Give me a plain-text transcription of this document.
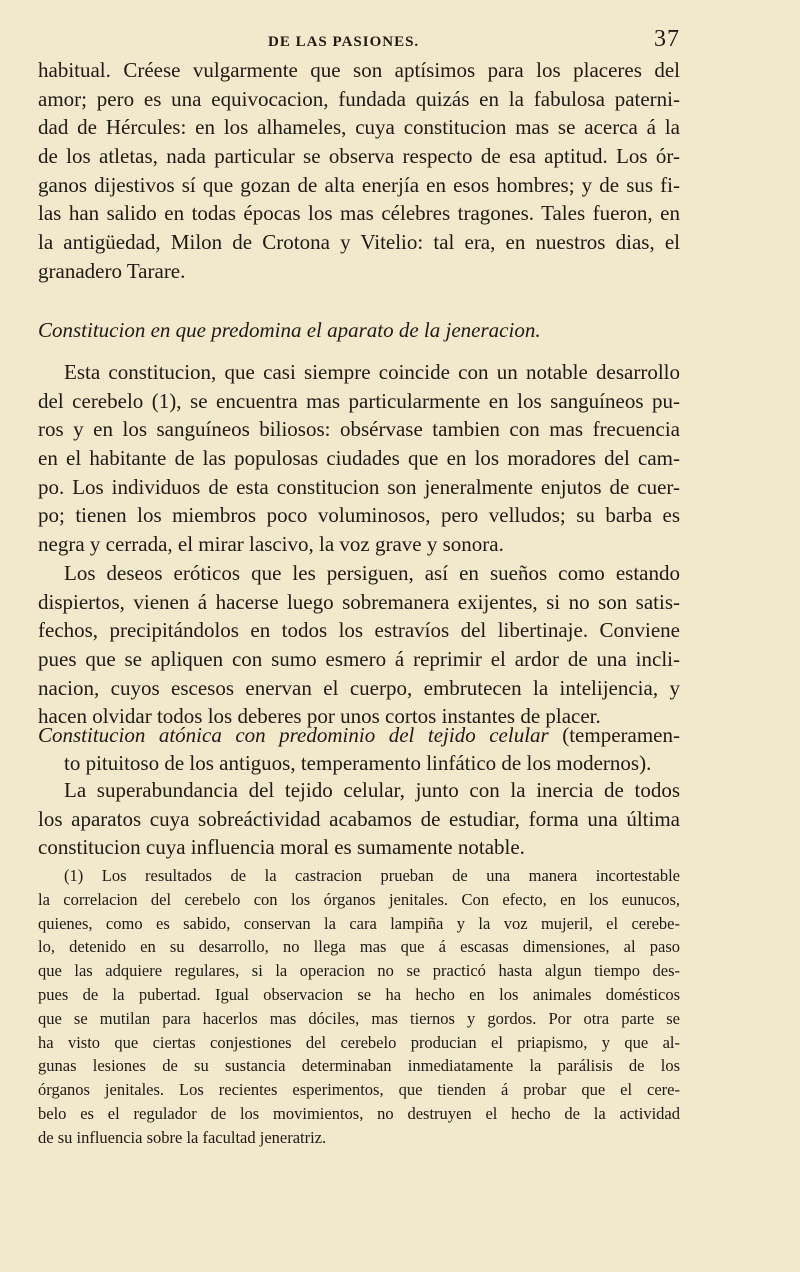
DE LAS PASIONES.	37
habitual. Créese vulgarmente que son aptísimos para los placeres del
amor; pero es una equivocacion, fundada quizás en la fabulosa paterni-
dad de Hércules: en los alhameles, cuya constitucion mas se acerca á la
de los atletas, nada particular se observa respecto de esa aptitud. Los ór-
ganos dijestivos sí que gozan de alta enerjía en esos hombres; y de sus fi-
las han salido en todas épocas los mas célebres tragones. Tales fueron, en
la antigüedad, Milon de Crotona y Vitelio: tal era, en nuestros dias, el
granadero Tarare.
Constitucion en que predomina el aparato de la jeneracion.
Esta constitucion, que casi siempre coincide con un notable desarrollo
del cerebelo (1), se encuentra mas particularmente en los sanguíneos pu-
ros y en los sanguíneos biliosos: obsérvase tambien con mas frecuencia
en el habitante de las populosas ciudades que en los moradores del cam-
po. Los individuos de esta constitucion son jeneralmente enjutos de cuer-
po; tienen los miembros poco voluminosos, pero velludos; su barba es
negra y cerrada, el mirar lascivo, la voz grave y sonora.
Los deseos eróticos que les persiguen, así en sueños como estando
dispiertos, vienen á hacerse luego sobremanera exijentes, si no son satis-
fechos, precipitándolos en todos los estravíos del libertinaje. Conviene
pues que se apliquen con sumo esmero á reprimir el ardor de una incli-
nacion, cuyos escesos enervan el cuerpo, embrutecen la intelijencia, y
hacen olvidar todos los deberes por unos cortos instantes de placer.
Constitucion atónica con predominio del tejido celular (temperamen-
to pituitoso de los antiguos, temperamento linfático de los modernos).
La superabundancia del tejido celular, junto con la inercia de todos
los aparatos cuya sobreáctividad acabamos de estudiar, forma una última
constitucion cuya influencia moral es sumamente notable.
(1) Los resultados de la castracion prueban de una manera incortestable
la correlacion del cerebelo con los órganos jenitales. Con efecto, en los eunucos,
quienes, como es sabido, conservan la cara lampiña y la voz mujeril, el cerebe-
lo, detenido en su desarrollo, no llega mas que á escasas dimensiones, al paso
que las adquiere regulares, si la operacion no se practicó hasta algun tiempo des-
pues de la pubertad. Igual observacion se ha hecho en los animales domésticos
que se mutilan para hacerlos mas dóciles, mas tiernos y gordos. Por otra parte se
ha visto que ciertas conjestiones del cerebelo producian el priapismo, y que al-
gunas lesiones de su sustancia determinaban inmediatamente la parálisis de los
órganos jenitales. Los recientes esperimentos, que tienden á probar que el cere-
belo es el regulador de los movimientos, no destruyen el hecho de la actividad
de su influencia sobre la facultad jeneratriz.
